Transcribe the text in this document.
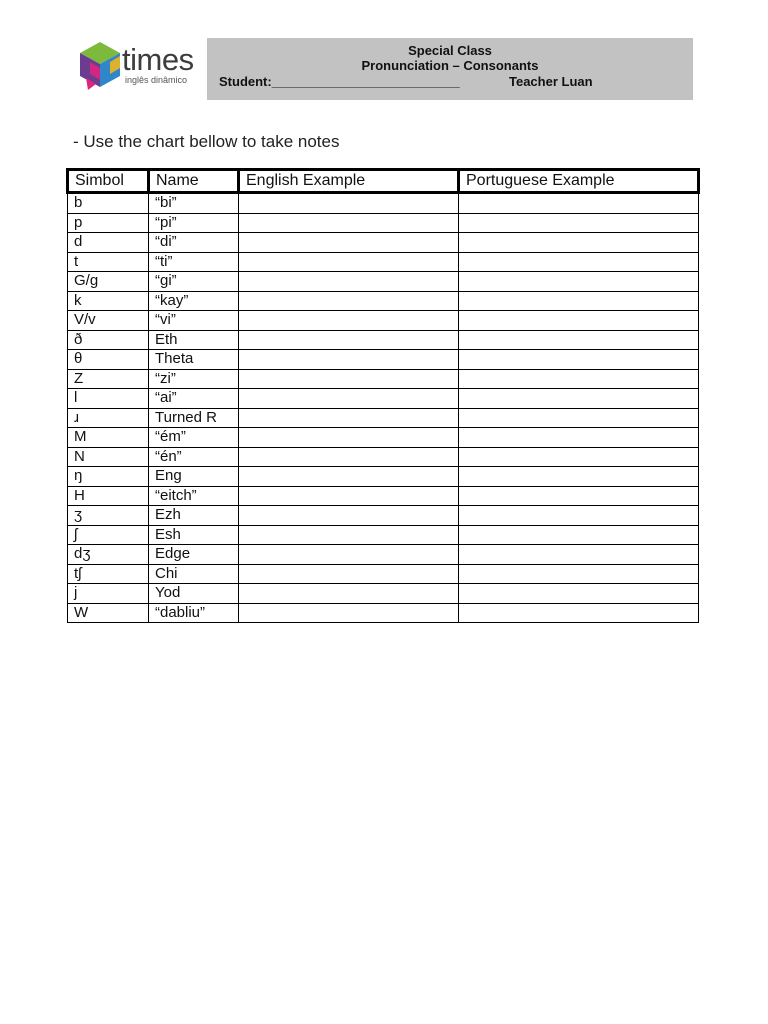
times
inglês dinâmico
Special Class
Pronunciation – Consonants
Student:__________________________	Teacher Luan
- Use the chart bellow to take notes
Simbol	Name	English Example	Portuguese Example
b	“bi”		
p	“pi”		
d	“di”		
t	“ti”		
G/g	“gi”		
k	“kay”		
V/v	“vi”		
ð	Eth		
θ	Theta		
Z	“zi”		
l	“ai”		
ɹ	Turned R		
M	“ém”		
N	“én”		
ŋ	Eng		
H	“eitch”		
ʒ	Ezh		
ʃ	Esh		
dʒ	Edge		
tʃ	Chi		
j	Yod		
W	“dabliu”		
